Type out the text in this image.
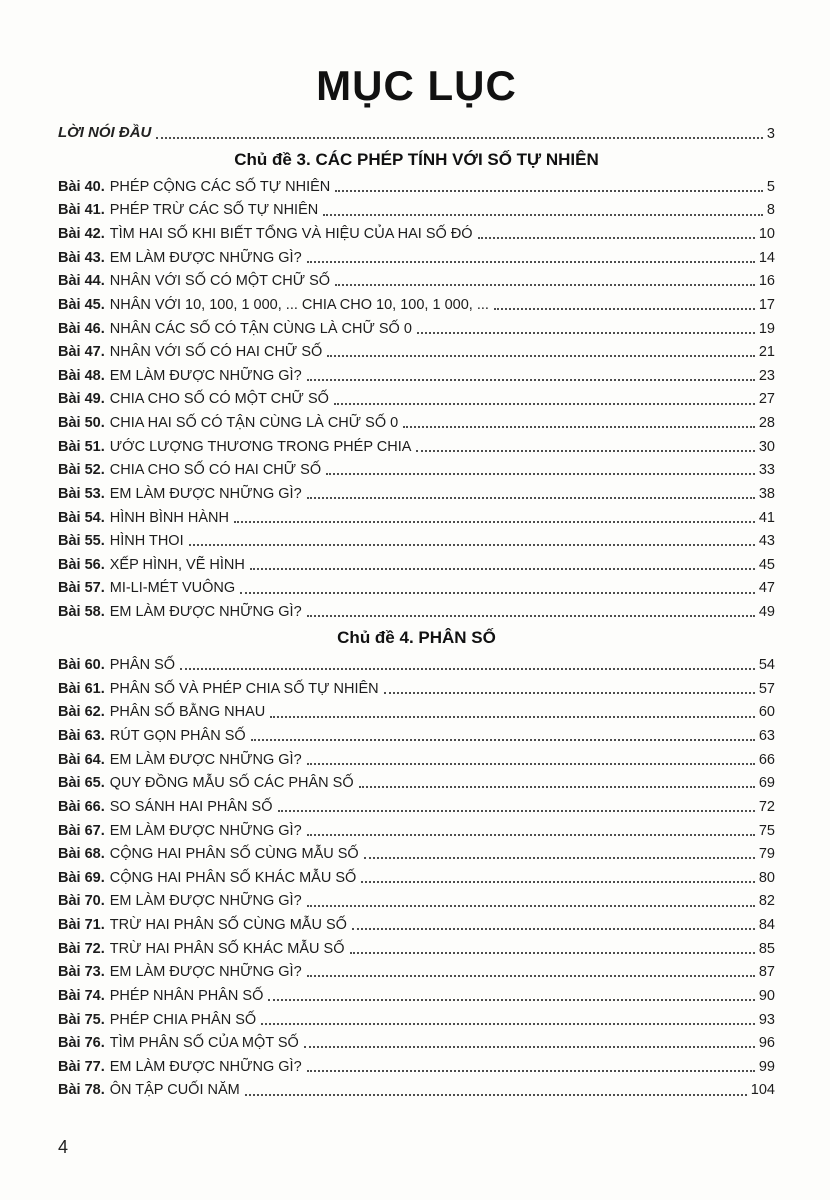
MỤC LỤC
LỜI NÓI ĐẦU	3
Chủ đề 3. CÁC PHÉP TÍNH VỚI SỐ TỰ NHIÊN
Bài 40. PHÉP CỘNG CÁC SỐ TỰ NHIÊN	5
Bài 41. PHÉP TRỪ CÁC SỐ TỰ NHIÊN	8
Bài 42. TÌM HAI SỐ KHI BIẾT TỔNG VÀ HIỆU CỦA HAI SỐ ĐÓ	10
Bài 43. EM LÀM ĐƯỢC NHỮNG GÌ?	14
Bài 44. NHÂN VỚI SỐ CÓ MỘT CHỮ SỐ	16
Bài 45. NHÂN VỚI 10, 100, 1 000, ... CHIA CHO 10, 100, 1 000, ...	17
Bài 46. NHÂN CÁC SỐ CÓ TẬN CÙNG LÀ CHỮ SỐ 0	19
Bài 47. NHÂN VỚI SỐ CÓ HAI CHỮ SỐ	21
Bài 48. EM LÀM ĐƯỢC NHỮNG GÌ?	23
Bài 49. CHIA CHO SỐ CÓ MỘT CHỮ SỐ	27
Bài 50. CHIA HAI SỐ CÓ TẬN CÙNG LÀ CHỮ SỐ 0	28
Bài 51. ƯỚC LƯỢNG THƯƠNG TRONG PHÉP CHIA	30
Bài 52. CHIA CHO SỐ CÓ HAI CHỮ SỐ	33
Bài 53. EM LÀM ĐƯỢC NHỮNG GÌ?	38
Bài 54. HÌNH BÌNH HÀNH	41
Bài 55. HÌNH THOI	43
Bài 56. XẾP HÌNH, VẼ HÌNH	45
Bài 57. MI-LI-MÉT VUÔNG	47
Bài 58. EM LÀM ĐƯỢC NHỮNG GÌ?	49
Chủ đề 4. PHÂN SỐ
Bài 60. PHÂN SỐ	54
Bài 61. PHÂN SỐ VÀ PHÉP CHIA SỐ TỰ NHIÊN	57
Bài 62. PHÂN SỐ BẰNG NHAU	60
Bài 63. RÚT GỌN PHÂN SỐ	63
Bài 64. EM LÀM ĐƯỢC NHỮNG GÌ?	66
Bài 65. QUY ĐỒNG MẪU SỐ CÁC PHÂN SỐ	69
Bài 66. SO SÁNH HAI PHÂN SỐ	72
Bài 67. EM LÀM ĐƯỢC NHỮNG GÌ?	75
Bài 68. CỘNG HAI PHÂN SỐ CÙNG MẪU SỐ	79
Bài 69. CỘNG HAI PHÂN SỐ KHÁC MẪU SỐ	80
Bài 70. EM LÀM ĐƯỢC NHỮNG GÌ?	82
Bài 71. TRỪ HAI PHÂN SỐ CÙNG MẪU SỐ	84
Bài 72. TRỪ HAI PHÂN SỐ KHÁC MẪU SỐ	85
Bài 73. EM LÀM ĐƯỢC NHỮNG GÌ?	87
Bài 74. PHÉP NHÂN PHÂN SỐ	90
Bài 75. PHÉP CHIA PHÂN SỐ	93
Bài 76. TÌM PHÂN SỐ CỦA MỘT SỐ	96
Bài 77. EM LÀM ĐƯỢC NHỮNG GÌ?	99
Bài 78. ÔN TẬP CUỐI NĂM	104
4
